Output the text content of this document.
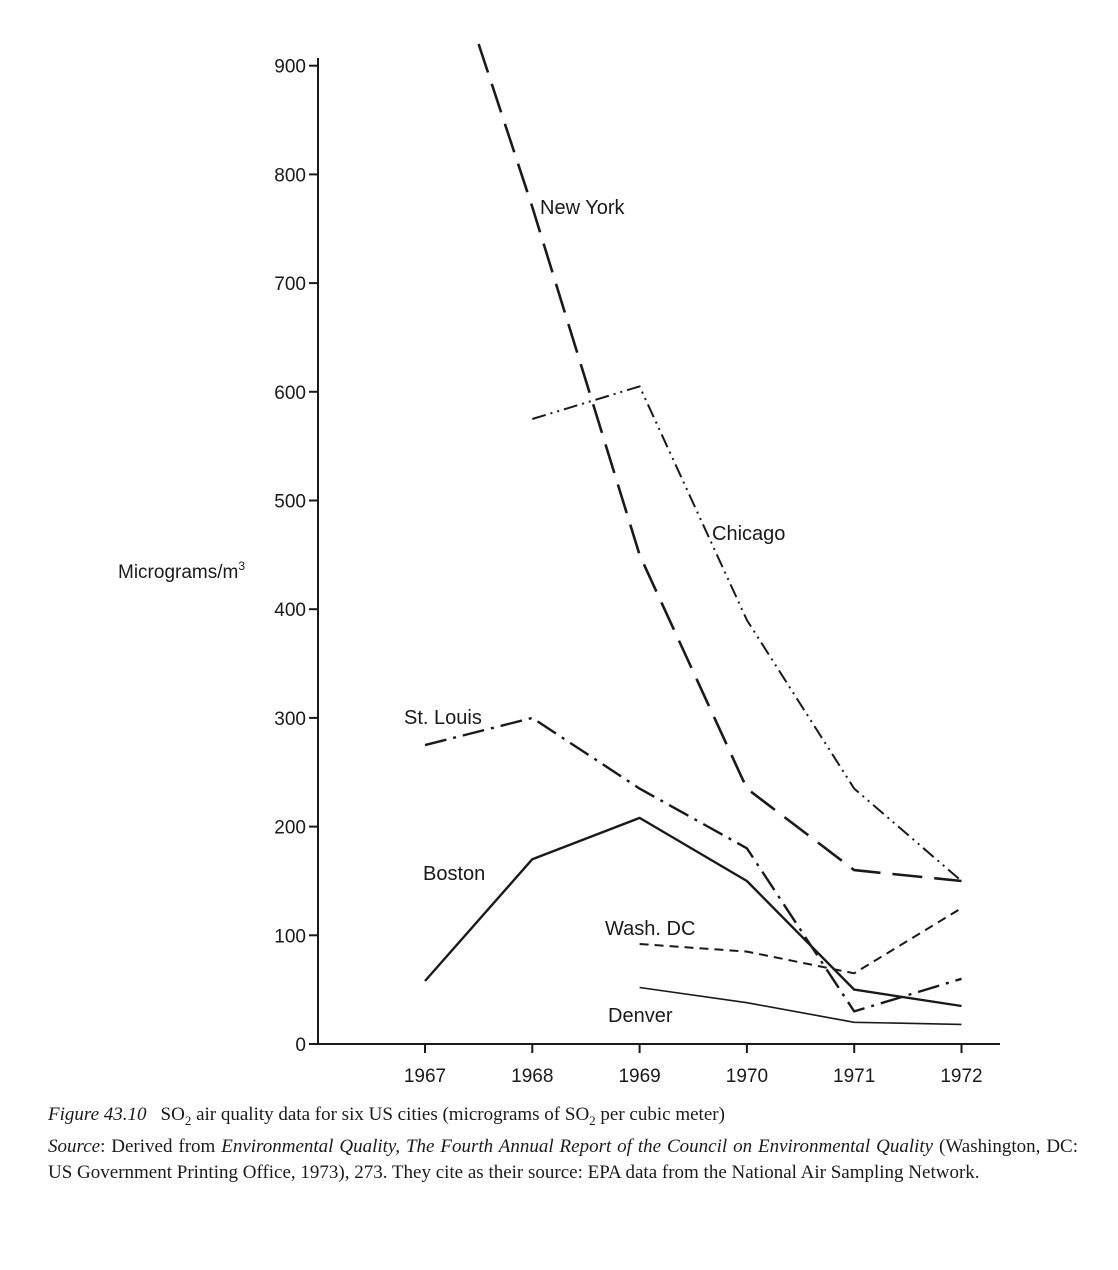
0
100
200
300
400
500
600
700
800
900
1967	1968	1969	1970	1971	1972
New York
Chicago
St. Louis
Boston
Wash. DC
Denver
Micrograms/$m^3$
Figure 43.10 $SO_2$ air quality data for six US cities (micrograms of $SO_2$ per cubic meter)
Source: Derived from Environmental Quality, The Fourth Annual Report of the Council on Environmental Quality (Washington, DC: US Government Printing Office, 1973), 273. They cite as their source: EPA data from the National Air Sampling Network.
